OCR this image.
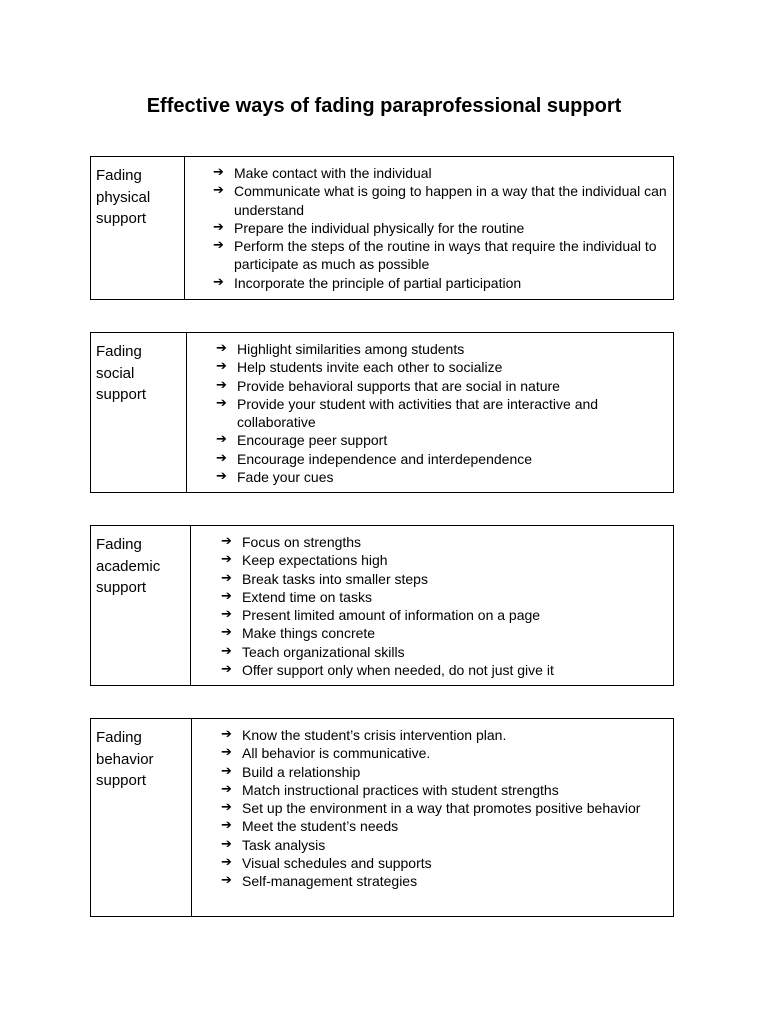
Effective ways of fading paraprofessional support
Fading
physical
support
➔ Make contact with the individual
➔ Communicate what is going to happen in a way that the individual can understand
➔ Prepare the individual physically for the routine
➔ Perform the steps of the routine in ways that require the individual to participate as much as possible
➔ Incorporate the principle of partial participation
Fading
social
support
➔ Highlight similarities among students
➔ Help students invite each other to socialize
➔ Provide behavioral supports that are social in nature
➔ Provide your student with activities that are interactive and collaborative
➔ Encourage peer support
➔ Encourage independence and interdependence
➔ Fade your cues
Fading
academic
support
➔ Focus on strengths
➔ Keep expectations high
➔ Break tasks into smaller steps
➔ Extend time on tasks
➔ Present limited amount of information on a page
➔ Make things concrete
➔ Teach organizational skills
➔ Offer support only when needed, do not just give it
Fading
behavior
support
➔ Know the student’s crisis intervention plan.
➔ All behavior is communicative.
➔ Build a relationship
➔ Match instructional practices with student strengths
➔ Set up the environment in a way that promotes positive behavior
➔ Meet the student’s needs
➔ Task analysis
➔ Visual schedules and supports
➔ Self-management strategies
